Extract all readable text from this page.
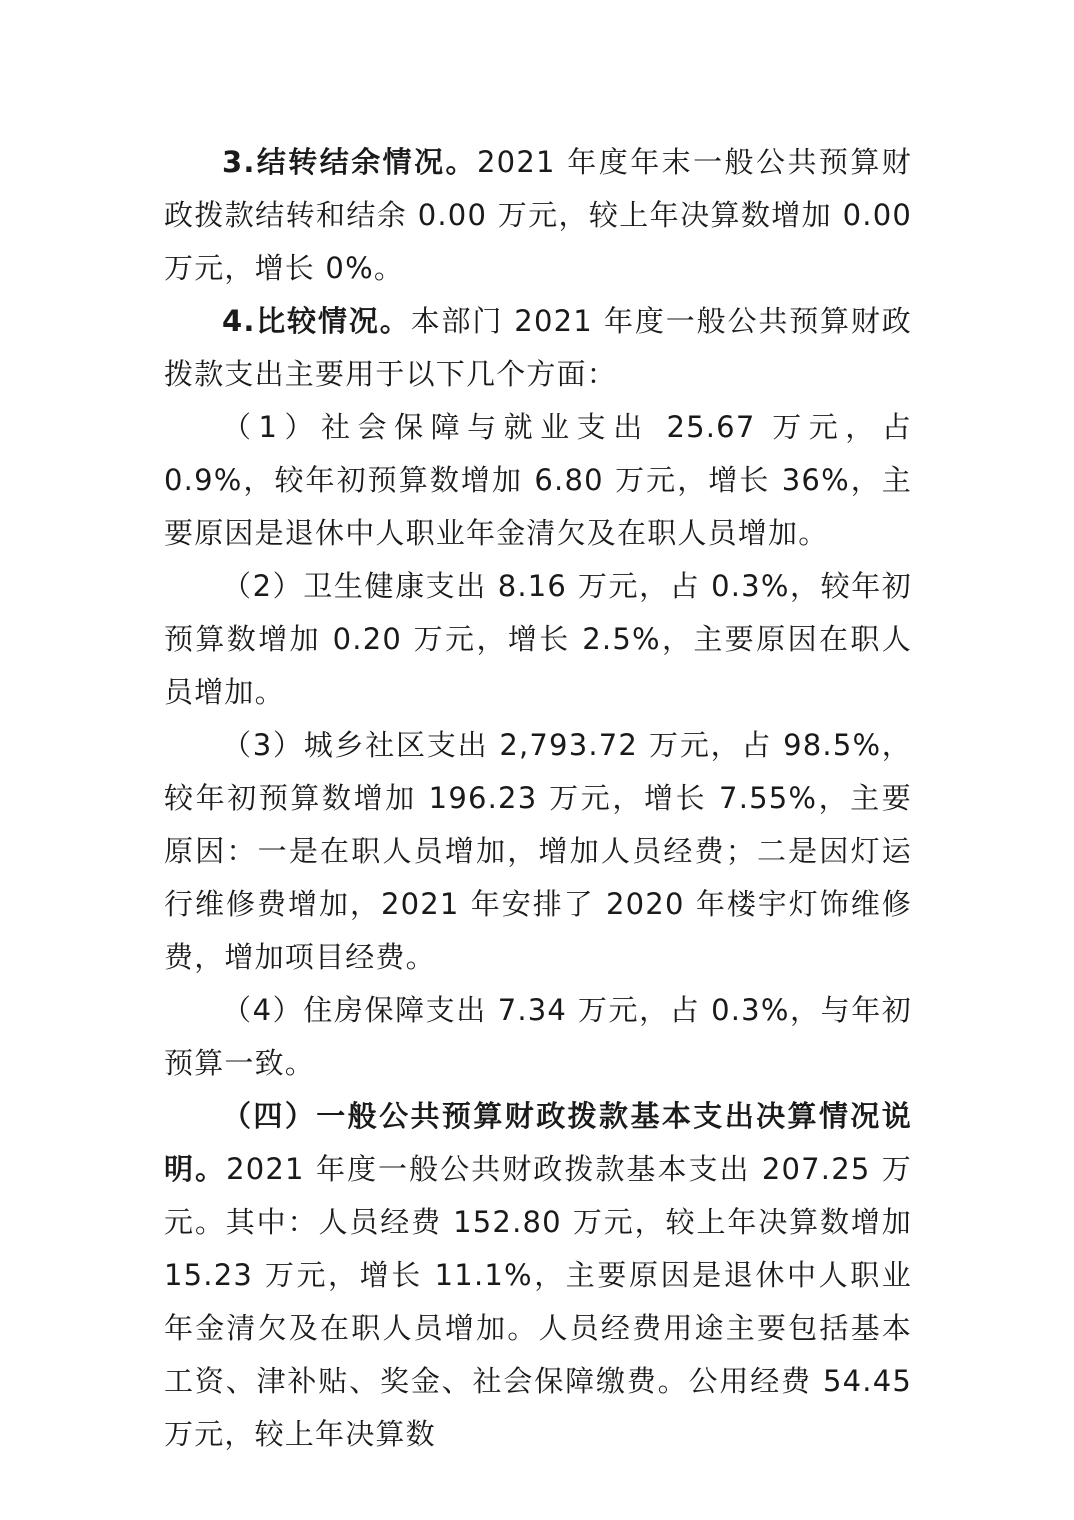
3.结转结余情况。2021 年度年末一般公共预算财政拨款结转和结余 0.00 万元，较上年决算数增加 0.00 万元，增长 0%。

4.比较情况。本部门 2021 年度一般公共预算财政拨款支出主要用于以下几个方面：

（1）社会保障与就业支出 25.67 万元，占 0.9%，较年初预算数增加 6.80 万元，增长 36%，主要原因是退休中人职业年金清欠及在职人员增加。

（2）卫生健康支出 8.16 万元，占 0.3%，较年初预算数增加 0.20 万元，增长 2.5%，主要原因在职人员增加。

（3）城乡社区支出 2,793.72 万元，占 98.5%，较年初预算数增加 196.23 万元，增长 7.55%，主要原因：一是在职人员增加，增加人员经费；二是因灯运行维修费增加，2021 年安排了 2020 年楼宇灯饰维修费，增加项目经费。

（4）住房保障支出 7.34 万元，占 0.3%，与年初预算一致。

（四）一般公共预算财政拨款基本支出决算情况说明。2021 年度一般公共财政拨款基本支出 207.25 万元。其中：人员经费 152.80 万元，较上年决算数增加 15.23 万元，增长 11.1%，主要原因是退休中人职业年金清欠及在职人员增加。人员经费用途主要包括基本工资、津补贴、奖金、社会保障缴费。公用经费 54.45 万元，较上年决算数
